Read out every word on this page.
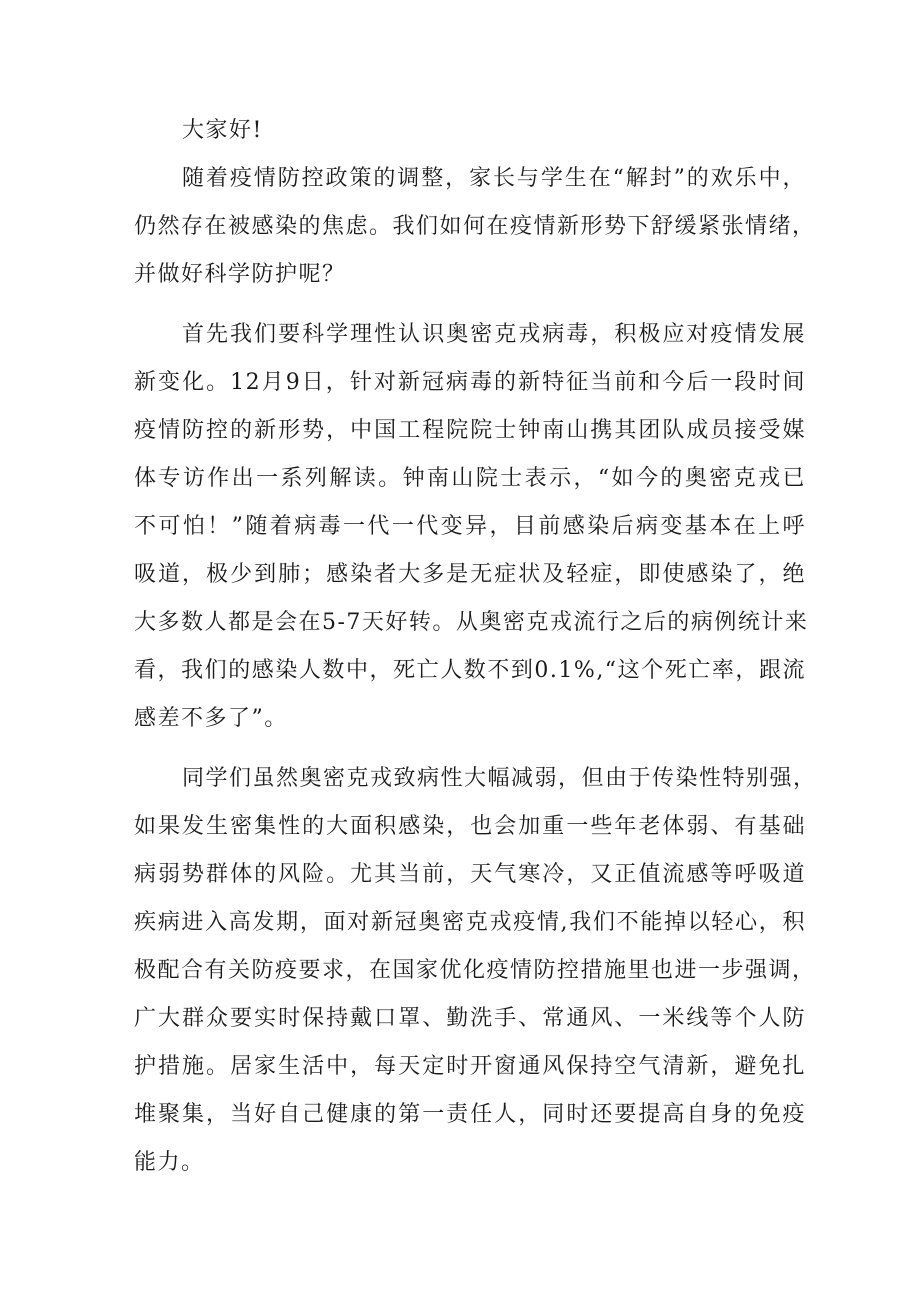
大家好!
随着疫情防控政策的调整，家长与学生在“解封”的欢乐中，
仍然存在被感染的焦虑。我们如何在疫情新形势下舒缓紧张情绪，
并做好科学防护呢？
首先我们要科学理性认识奥密克戎病毒，积极应对疫情发展
新变化。12月9日，针对新冠病毒的新特征当前和今后一段时间
疫情防控的新形势，中国工程院院士钟南山携其团队成员接受媒
体专访作出一系列解读。钟南山院士表示，“如今的奥密克戎已
不可怕！”随着病毒一代一代变异，目前感染后病变基本在上呼
吸道，极少到肺；感染者大多是无症状及轻症，即使感染了，绝
大多数人都是会在5-7天好转。从奥密克戎流行之后的病例统计来
看，我们的感染人数中，死亡人数不到0.1%,“这个死亡率，跟流
感差不多了”。
同学们虽然奥密克戎致病性大幅减弱，但由于传染性特别强，
如果发生密集性的大面积感染，也会加重一些年老体弱、有基础
病弱势群体的风险。尤其当前，天气寒冷，又正值流感等呼吸道
疾病进入高发期，面对新冠奥密克戎疫情,我们不能掉以轻心，积
极配合有关防疫要求，在国家优化疫情防控措施里也进一步强调，
广大群众要实时保持戴口罩、勤洗手、常通风、一米线等个人防
护措施。居家生活中，每天定时开窗通风保持空气清新，避免扎
堆聚集，当好自己健康的第一责任人，同时还要提高自身的免疫
能力。
